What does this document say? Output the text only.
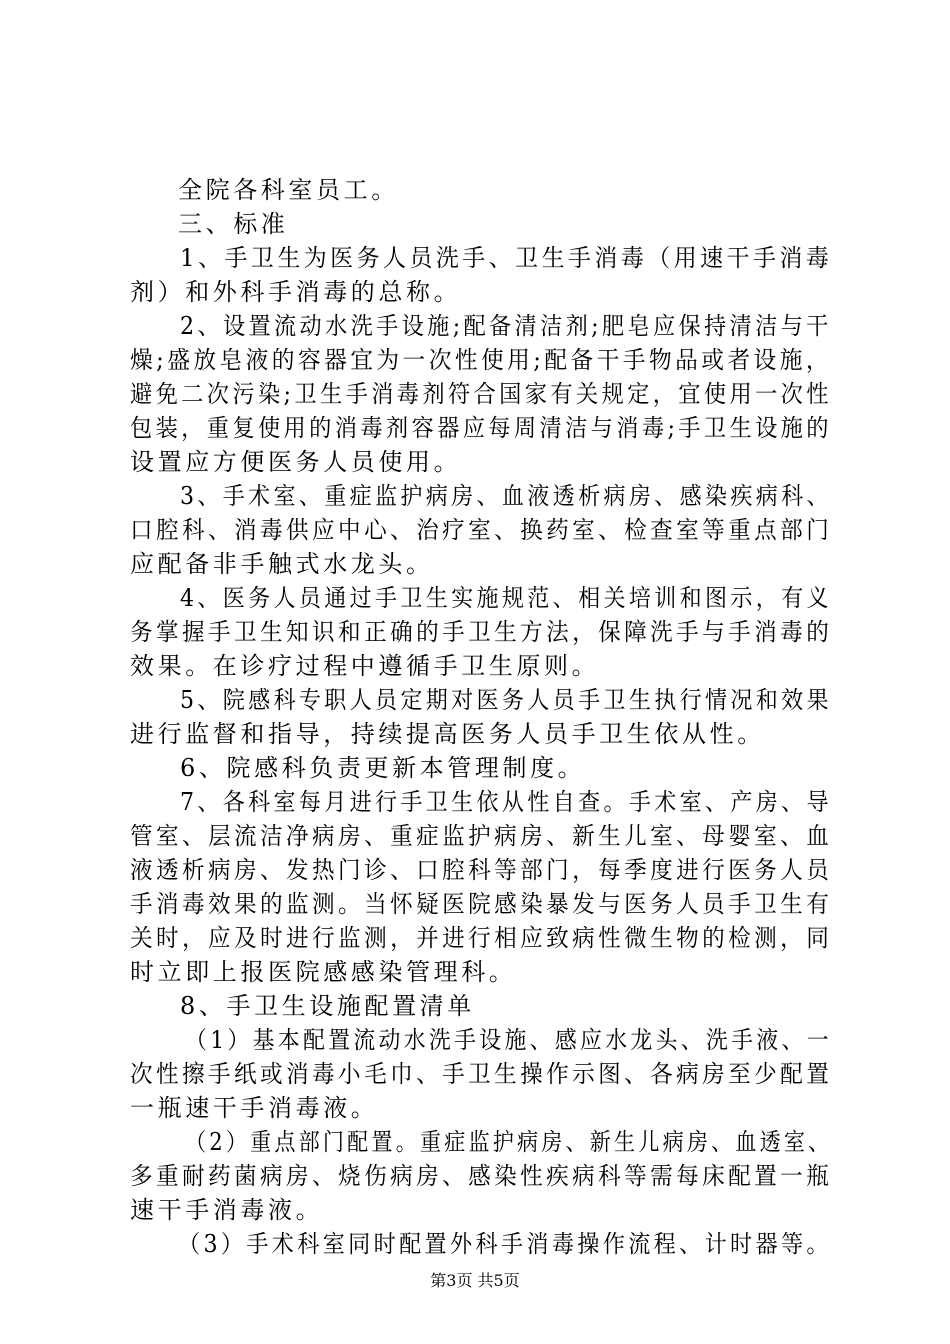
全院各科室员工。
三、标准
1、手卫生为医务人员洗手、卫生手消毒（用速干手消毒
剂）和外科手消毒的总称。
2、设置流动水洗手设施;配备清洁剂;肥皂应保持清洁与干
燥;盛放皂液的容器宜为一次性使用;配备干手物品或者设施，
避免二次污染;卫生手消毒剂符合国家有关规定，宜使用一次性
包装，重复使用的消毒剂容器应每周清洁与消毒;手卫生设施的
设置应方便医务人员使用。
3、手术室、重症监护病房、血液透析病房、感染疾病科、
口腔科、消毒供应中心、治疗室、换药室、检查室等重点部门
应配备非手触式水龙头。
4、医务人员通过手卫生实施规范、相关培训和图示，有义
务掌握手卫生知识和正确的手卫生方法，保障洗手与手消毒的
效果。在诊疗过程中遵循手卫生原则。
5、院感科专职人员定期对医务人员手卫生执行情况和效果
进行监督和指导，持续提高医务人员手卫生依从性。
6、院感科负责更新本管理制度。
7、各科室每月进行手卫生依从性自查。手术室、产房、导
管室、层流洁净病房、重症监护病房、新生儿室、母婴室、血
液透析病房、发热门诊、口腔科等部门，每季度进行医务人员
手消毒效果的监测。当怀疑医院感染暴发与医务人员手卫生有
关时，应及时进行监测，并进行相应致病性微生物的检测，同
时立即上报医院感感染管理科。
8、手卫生设施配置清单
（1）基本配置流动水洗手设施、感应水龙头、洗手液、一
次性擦手纸或消毒小毛巾、手卫生操作示图、各病房至少配置
一瓶速干手消毒液。
（2）重点部门配置。重症监护病房、新生儿病房、血透室、
多重耐药菌病房、烧伤病房、感染性疾病科等需每床配置一瓶
速干手消毒液。
（3）手术科室同时配置外科手消毒操作流程、计时器等。
第3页 共5页
